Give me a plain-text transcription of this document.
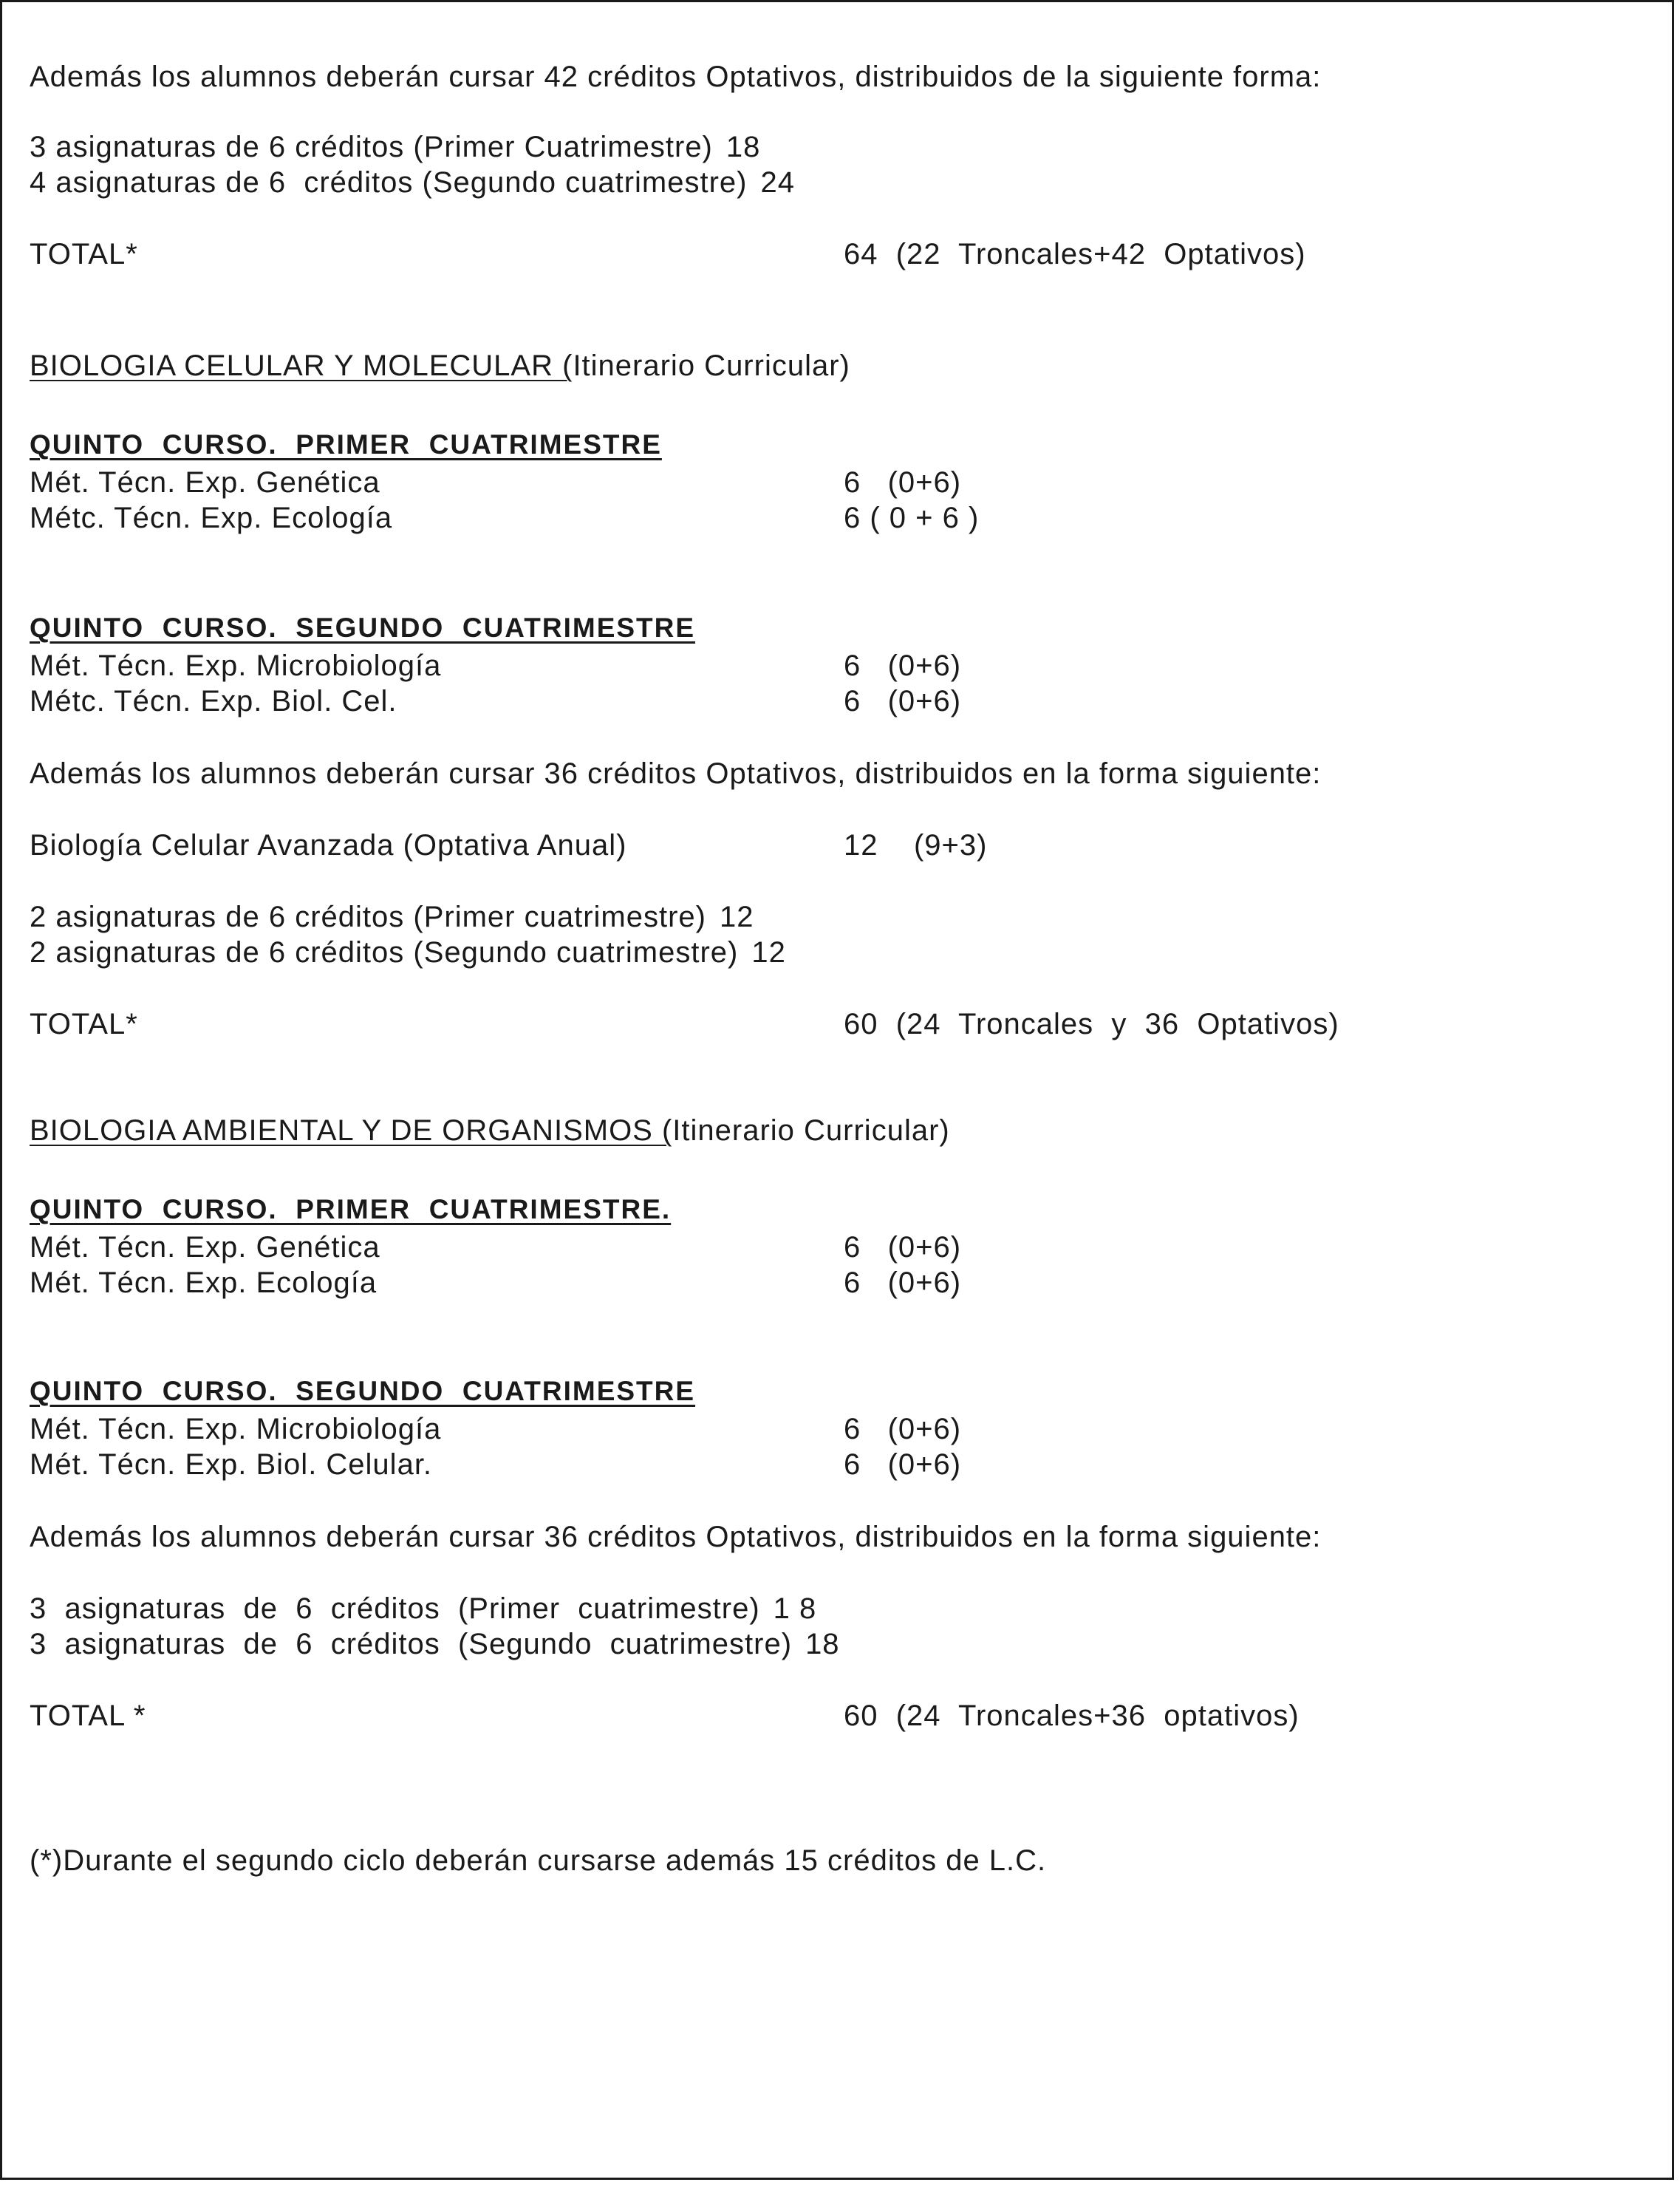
Además los alumnos deberán cursar 42 créditos Optativos, distribuidos de la siguiente forma:
3 asignaturas de 6 créditos (Primer Cuatrimestre) 18
4 asignaturas de 6  créditos (Segundo cuatrimestre) 24
TOTAL*	64  (22  Troncales+42  Optativos)
BIOLOGIA CELULAR Y MOLECULAR (Itinerario Curricular)
QUINTO  CURSO.  PRIMER  CUATRIMESTRE
Mét. Técn. Exp. Genética	6   (0+6)
Métc. Técn. Exp. Ecología	6 ( 0 + 6 )
QUINTO  CURSO.  SEGUNDO  CUATRIMESTRE
Mét. Técn. Exp. Microbiología	6   (0+6)
Métc. Técn. Exp. Biol. Cel.	6   (0+6)
Además los alumnos deberán cursar 36 créditos Optativos, distribuidos en la forma siguiente:
Biología Celular Avanzada (Optativa Anual)	12    (9+3)
2 asignaturas de 6 créditos (Primer cuatrimestre) 12
2 asignaturas de 6 créditos (Segundo cuatrimestre) 12
TOTAL*	60  (24  Troncales  y  36  Optativos)
BIOLOGIA AMBIENTAL Y DE ORGANISMOS (Itinerario Curricular)
QUINTO  CURSO.  PRIMER  CUATRIMESTRE.
Mét. Técn. Exp. Genética	6   (0+6)
Mét. Técn. Exp. Ecología	6   (0+6)
QUINTO  CURSO.  SEGUNDO  CUATRIMESTRE
Mét. Técn. Exp. Microbiología	6   (0+6)
Mét. Técn. Exp. Biol. Celular.	6   (0+6)
Además los alumnos deberán cursar 36 créditos Optativos, distribuidos en la forma siguiente:
3  asignaturas  de  6  créditos  (Primer  cuatrimestre) 1 8
3  asignaturas  de  6  créditos  (Segundo  cuatrimestre) 18
TOTAL *	60  (24  Troncales+36  optativos)
(*)Durante el segundo ciclo deberán cursarse además 15 créditos de L.C.
